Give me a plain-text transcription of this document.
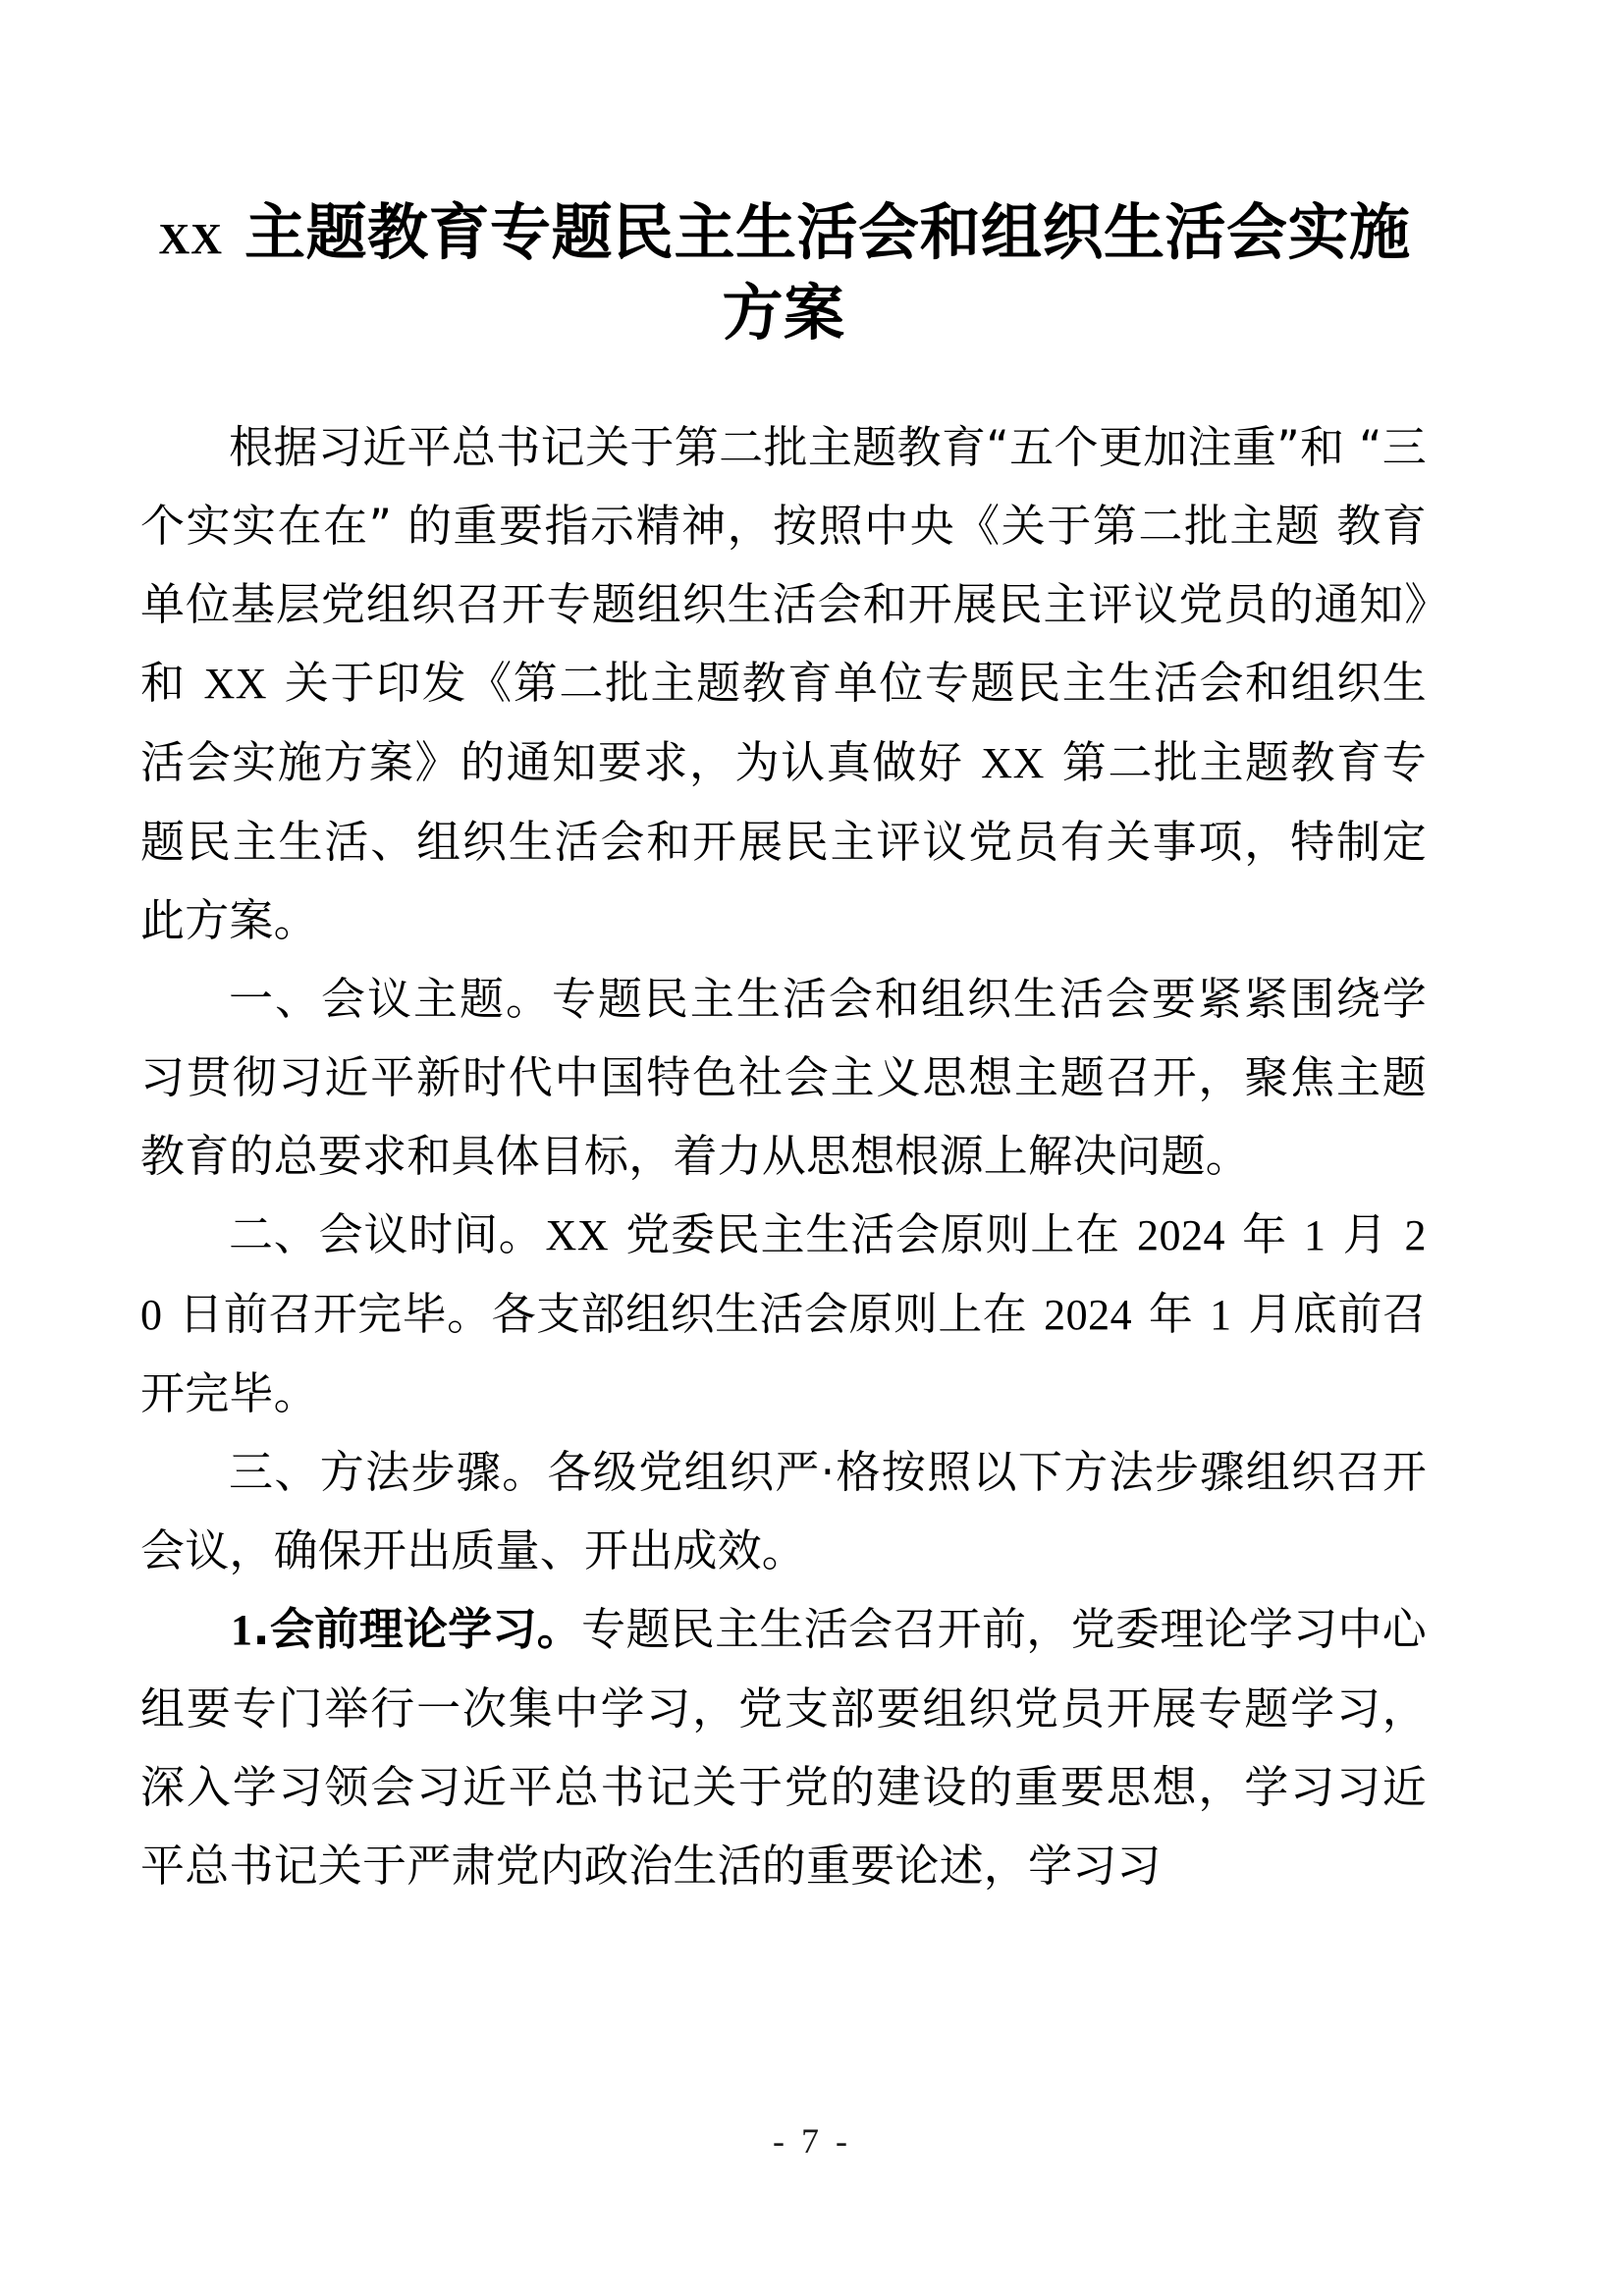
XX 主题教育专题民主生活会和组织生活会实施方案

根据习近平总书记关于第二批主题教育“五个更加注重”和 “三个实实在在” 的重要指示精神，按照中央《关于第二批主题 教育单位基层党组织召开专题组织生活会和开展民主评议党员的通知》和 XX 关于印发《第二批主题教育单位专题民主生活会和组织生活会实施方案》的通知要求，为认真做好 XX 第二批主题教育专题民主生活、组织生活会和开展民主评议党员有关事项，特制定此方案。

一、会议主题。专题民主生活会和组织生活会要紧紧围绕学习贯彻习近平新时代中国特色社会主义思想主题召开，聚焦主题教育的总要求和具体目标，着力从思想根源上解决问题。

二、会议时间。XX 党委民主生活会原则上在 2024 年 1 月 20 日前召开完毕。各支部组织生活会原则上在 2024 年 1 月底前召开完毕。

三、方法步骤。各级党组织严·格按照以下方法步骤组织召开会议，确保开出质量、开出成效。

1.会前理论学习。专题民主生活会召开前，党委理论学习中心组要专门举行一次集中学习，党支部要组织党员开展专题学习，深入学习领会习近平总书记关于党的建设的重要思想，学习习近平总书记关于严肃党内政治生活的重要论述，学习习

- 7 -
